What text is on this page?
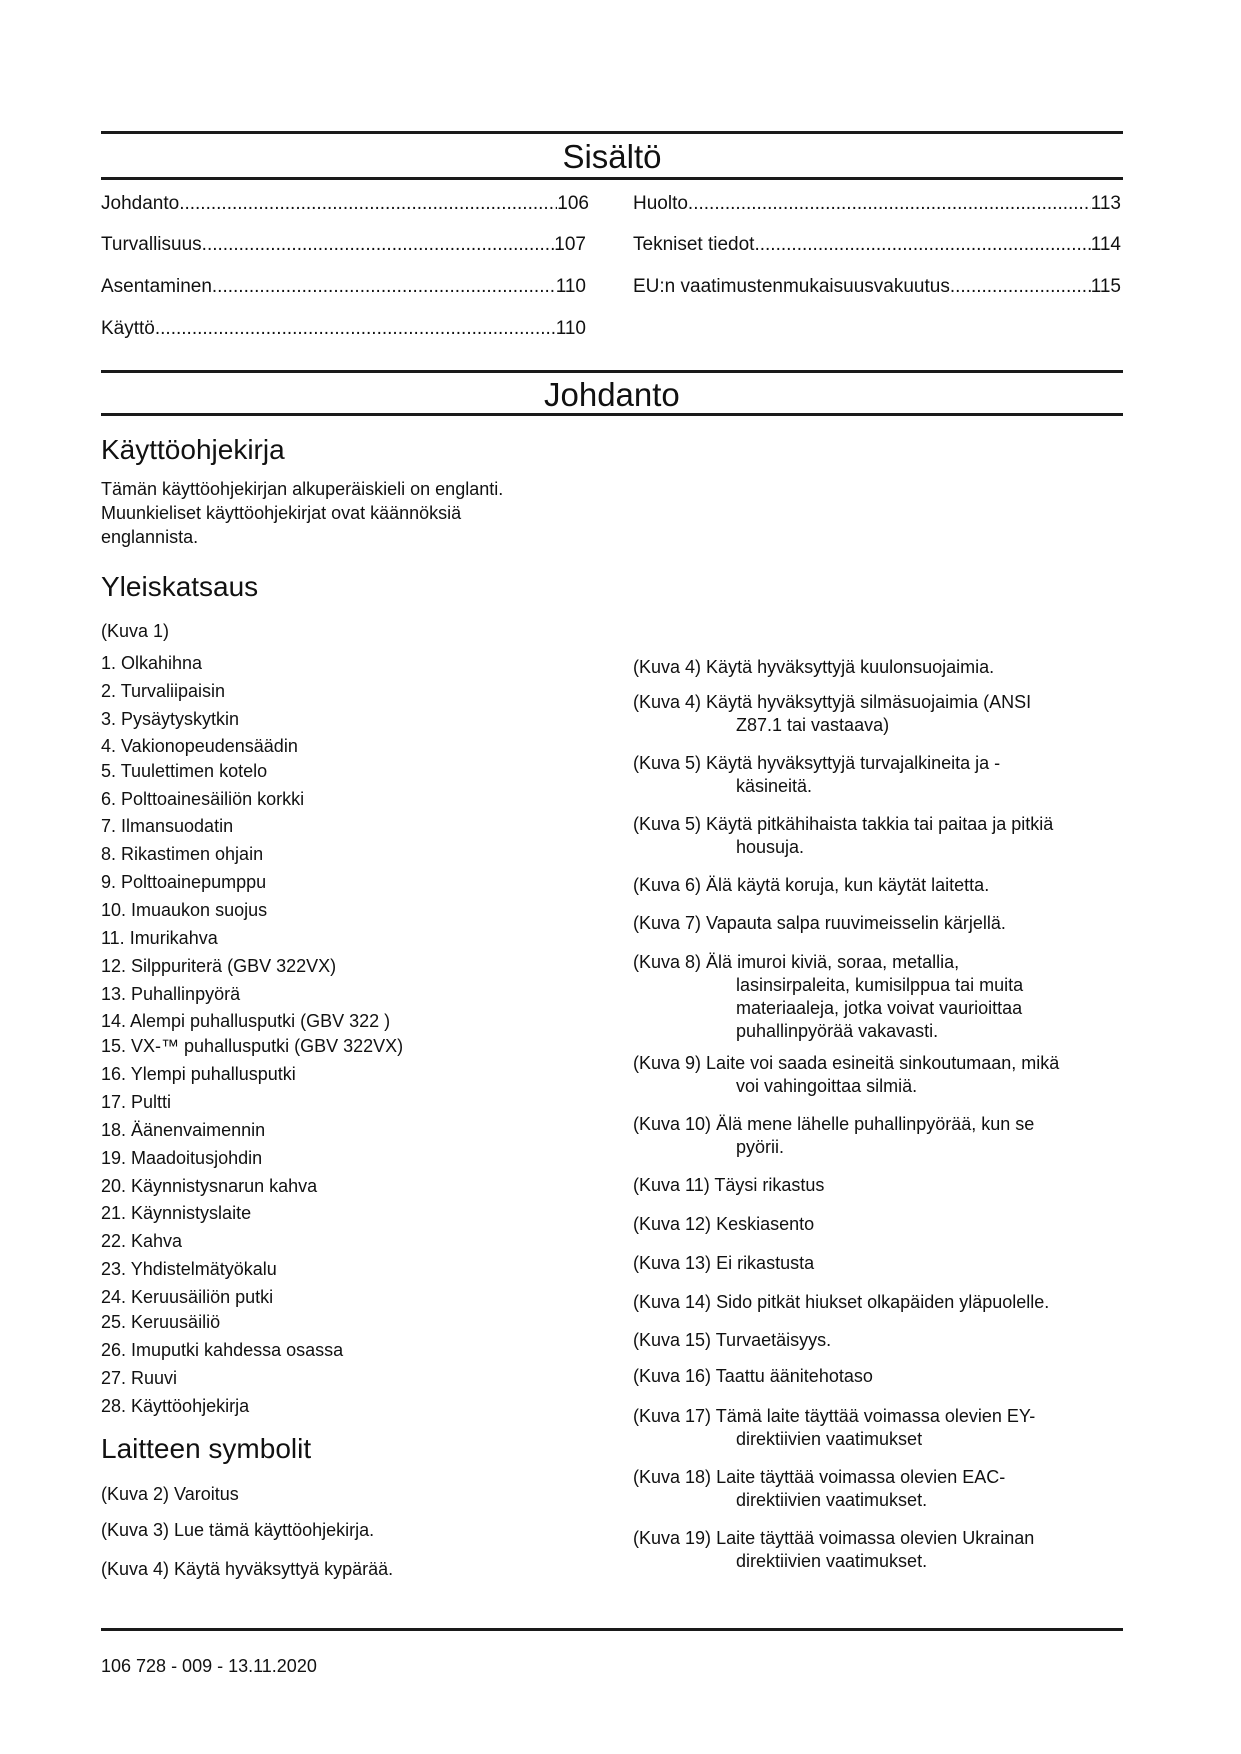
Sisältö
Johdanto .....	106
Turvallisuus .....	107
Asentaminen .....	110
Käyttö .....	110
Huolto .....	113
Tekniset tiedot .....	114
EU:n vaatimustenmukaisuusvakuutus .....	115
Johdanto
Käyttöohjekirja
Tämän käyttöohjekirjan alkuperäiskieli on englanti.
Muunkieliset käyttöohjekirjat ovat käännöksiä
englannista.
Yleiskatsaus
(Kuva 1)
1. Olkahihna
2. Turvaliipaisin
3. Pysäytyskytkin
4. Vakionopeudensäädin
5. Tuulettimen kotelo
6. Polttoainesäiliön korkki
7. Ilmansuodatin
8. Rikastimen ohjain
9. Polttoainepumppu
10. Imuaukon suojus
11. Imurikahva
12. Silppuriterä (GBV 322VX)
13. Puhallinpyörä
14. Alempi puhallusputki (GBV 322 )
15. VX-™ puhallusputki (GBV 322VX)
16. Ylempi puhallusputki
17. Pultti
18. Äänenvaimennin
19. Maadoitusjohdin
20. Käynnistysnarun kahva
21. Käynnistyslaite
22. Kahva
23. Yhdistelmätyökalu
24. Keruusäiliön putki
25. Keruusäiliö
26. Imuputki kahdessa osassa
27. Ruuvi
28. Käyttöohjekirja
Laitteen symbolit
(Kuva 2) Varoitus
(Kuva 3) Lue tämä käyttöohjekirja.
(Kuva 4) Käytä hyväksyttyä kypärää.
(Kuva 4) Käytä hyväksyttyjä kuulonsuojaimia.
(Kuva 4) Käytä hyväksyttyjä silmäsuojaimia (ANSI
Z87.1 tai vastaava)
(Kuva 5) Käytä hyväksyttyjä turvajalkineita ja -
käsineitä.
(Kuva 5) Käytä pitkähihaista takkia tai paitaa ja pitkiä
housuja.
(Kuva 6) Älä käytä koruja, kun käytät laitetta.
(Kuva 7) Vapauta salpa ruuvimeisselin kärjellä.
(Kuva 8) Älä imuroi kiviä, soraa, metallia,
lasinsirpaleita, kumisilppua tai muita
materiaaleja, jotka voivat vaurioittaa
puhallinpyörää vakavasti.
(Kuva 9) Laite voi saada esineitä sinkoutumaan, mikä
voi vahingoittaa silmiä.
(Kuva 10) Älä mene lähelle puhallinpyörää, kun se
pyörii.
(Kuva 11) Täysi rikastus
(Kuva 12) Keskiasento
(Kuva 13) Ei rikastusta
(Kuva 14) Sido pitkät hiukset olkapäiden yläpuolelle.
(Kuva 15) Turvaetäisyys.
(Kuva 16) Taattu äänitehotaso
(Kuva 17) Tämä laite täyttää voimassa olevien EY-
direktiivien vaatimukset
(Kuva 18) Laite täyttää voimassa olevien EAC-
direktiivien vaatimukset.
(Kuva 19) Laite täyttää voimassa olevien Ukrainan
direktiivien vaatimukset.
106 728 - 009 - 13.11.2020
